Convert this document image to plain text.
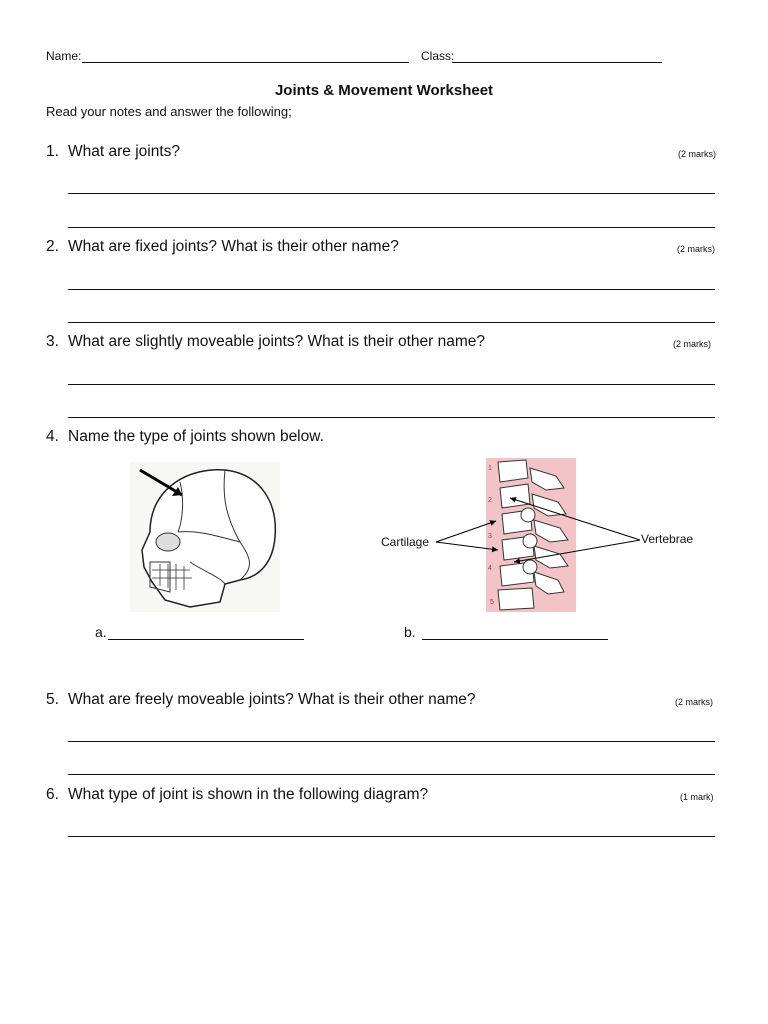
Name:	Class:
Joints & Movement Worksheet
Read your notes and answer the following;
1. What are joints?	(2 marks)
2. What are fixed joints? What is their other name?	(2 marks)
3. What are slightly moveable joints? What is their other name?	(2 marks)
4. Name the type of joints shown below.
1
2
3
4
5
Cartilage	Vertebrae
a.	b.
5. What are freely moveable joints? What is their other name?	(2 marks)
6. What type of joint is shown in the following diagram?	(1 mark)
